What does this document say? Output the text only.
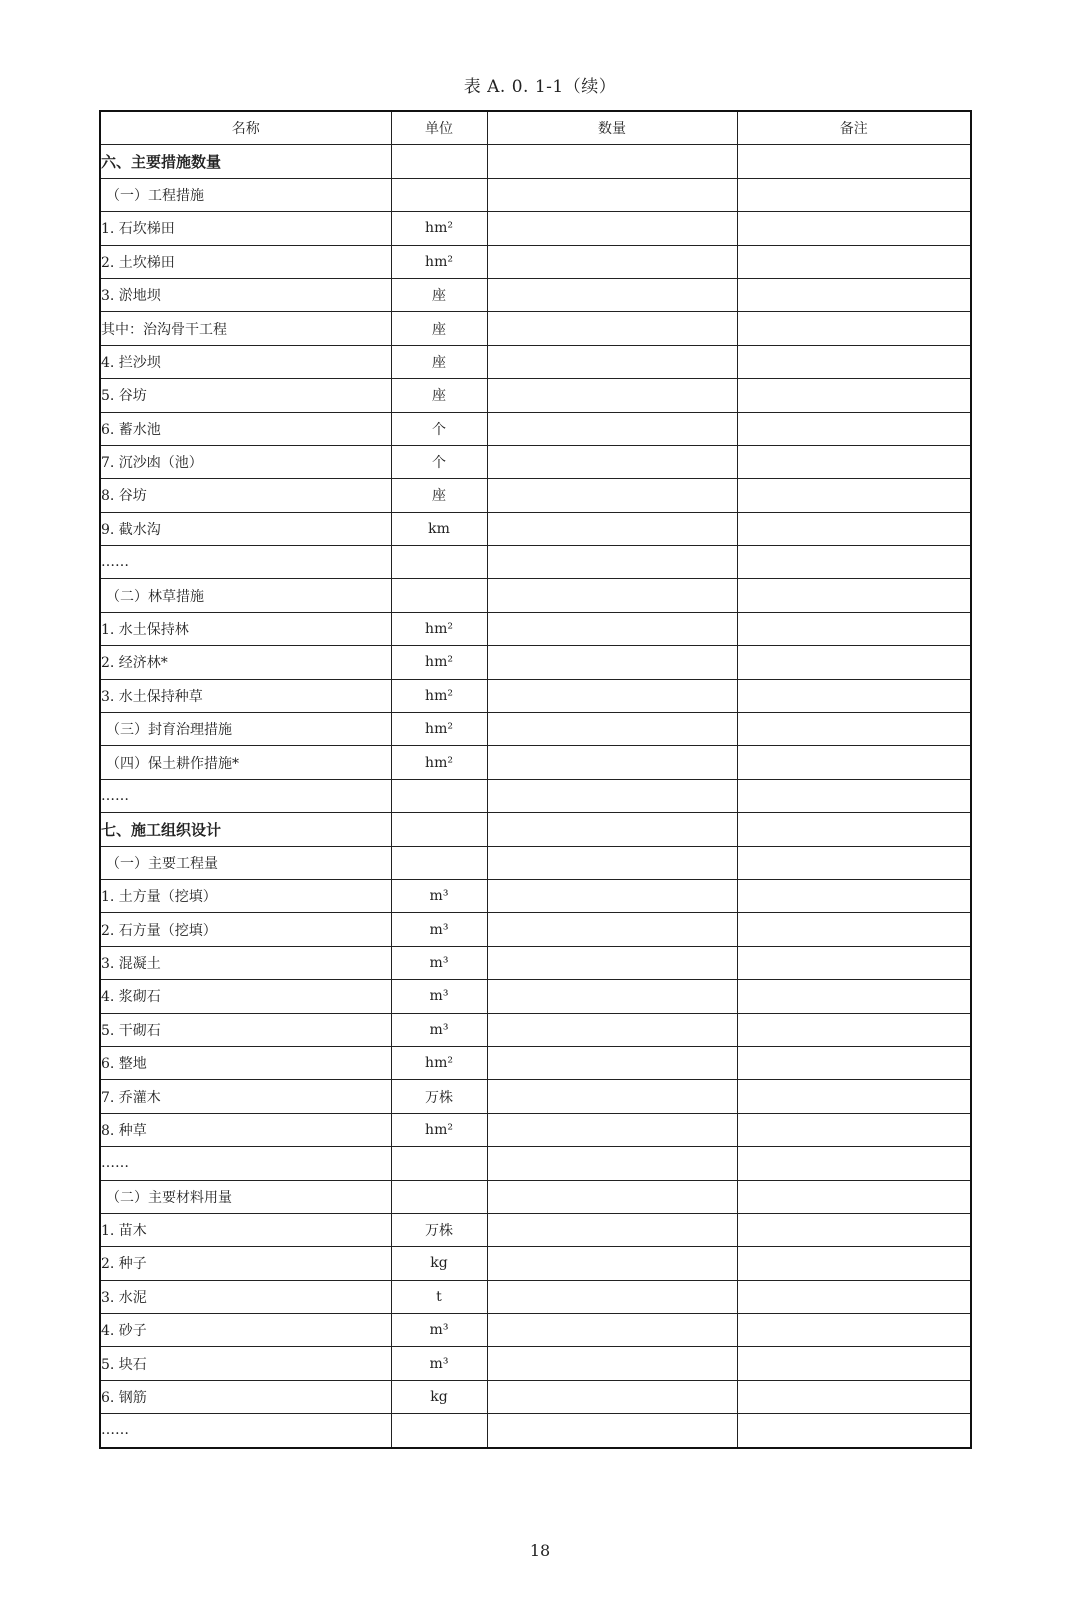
表 A. 0. 1-1（续）
名称	单位	数量	备注
六、主要措施数量			
（一）工程措施			
1. 石坎梯田	hm²		
2. 土坎梯田	hm²		
3. 淤地坝	座		
其中：治沟骨干工程	座		
4. 拦沙坝	座		
5. 谷坊	座		
6. 蓄水池	个		
7. 沉沙凼（池）	个		
8. 谷坊	座		
9. 截水沟	km		
……			
（二）林草措施			
1. 水土保持林	hm²		
2. 经济林*	hm²		
3. 水土保持种草	hm²		
（三）封育治理措施	hm²		
（四）保土耕作措施*	hm²		
……			
七、施工组织设计			
（一）主要工程量			
1. 土方量（挖填）	m³		
2. 石方量（挖填）	m³		
3. 混凝土	m³		
4. 浆砌石	m³		
5. 干砌石	m³		
6. 整地	hm²		
7. 乔灌木	万株		
8. 种草	hm²		
……			
（二）主要材料用量			
1. 苗木	万株		
2. 种子	kg		
3. 水泥	t		
4. 砂子	m³		
5. 块石	m³		
6. 钢筋	kg		
……			
18
